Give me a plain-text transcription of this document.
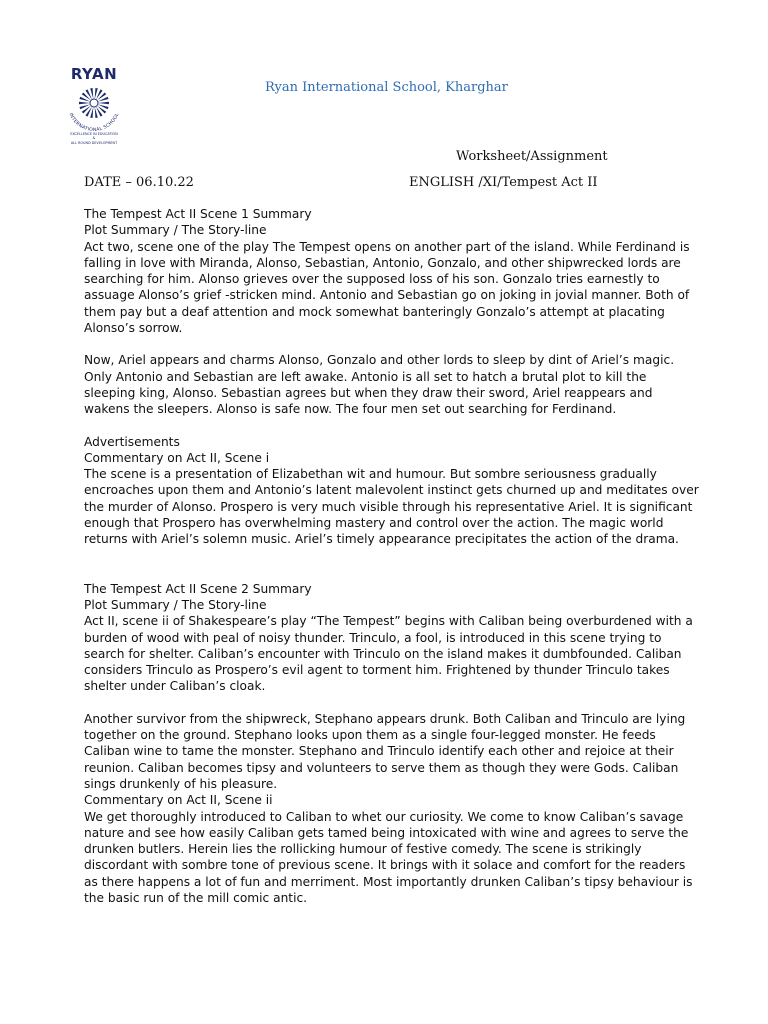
RYAN
INTERNATIONAL SCHOOL
EXCELLENCE IN EDUCATION
&
ALL ROUND DEVELOPMENT
Ryan International School, Kharghar
Worksheet/Assignment
DATE – 06.10.22	ENGLISH /XI/Tempest Act II

The Tempest Act II Scene 1 Summary

Plot Summary / The Story-line

Act two, scene one of the play The Tempest opens on another part of the island. While Ferdinand is falling in love with Miranda, Alonso, Sebastian, Antonio, Gonzalo, and other shipwrecked lords are searching for him. Alonso grieves over the supposed loss of his son. Gonzalo tries earnestly to assuage Alonso’s grief -stricken mind. Antonio and Sebastian go on joking in jovial manner. Both of them pay but a deaf attention and mock somewhat banteringly Gonzalo’s attempt at placating Alonso’s sorrow.

Now, Ariel appears and charms Alonso, Gonzalo and other lords to sleep by dint of Ariel’s magic. Only Antonio and Sebastian are left awake. Antonio is all set to hatch a brutal plot to kill the sleeping king, Alonso. Sebastian agrees but when they draw their sword, Ariel reappears and wakens the sleepers. Alonso is safe now. The four men set out searching for Ferdinand.

Advertisements

Commentary on Act II, Scene i

The scene is a presentation of Elizabethan wit and humour. But sombre seriousness gradually encroaches upon them and Antonio’s latent malevolent instinct gets churned up and meditates over the murder of Alonso. Prospero is very much visible through his representative Ariel. It is significant enough that Prospero has overwhelming mastery and control over the action. The magic world returns with Ariel’s solemn music. Ariel’s timely appearance precipitates the action of the drama.

The Tempest Act II Scene 2 Summary

Plot Summary / The Story-line

Act II, scene ii of Shakespeare’s play “The Tempest” begins with Caliban being overburdened with a burden of wood with peal of noisy thunder. Trinculo, a fool, is introduced in this scene trying to search for shelter. Caliban’s encounter with Trinculo on the island makes it dumbfounded. Caliban considers Trinculo as Prospero’s evil agent to torment him. Frightened by thunder Trinculo takes shelter under Caliban’s cloak.

Another survivor from the shipwreck, Stephano appears drunk. Both Caliban and Trinculo are lying together on the ground. Stephano looks upon them as a single four-legged monster. He feeds Caliban wine to tame the monster. Stephano and Trinculo identify each other and rejoice at their reunion. Caliban becomes tipsy and volunteers to serve them as though they were Gods. Caliban sings drunkenly of his pleasure.

Commentary on Act II, Scene ii

We get thoroughly introduced to Caliban to whet our curiosity. We come to know Caliban’s savage nature and see how easily Caliban gets tamed being intoxicated with wine and agrees to serve the drunken butlers. Herein lies the rollicking humour of festive comedy. The scene is strikingly discordant with sombre tone of previous scene. It brings with it solace and comfort for the readers as there happens a lot of fun and merriment. Most importantly drunken Caliban’s tipsy behaviour is the basic run of the mill comic antic.
